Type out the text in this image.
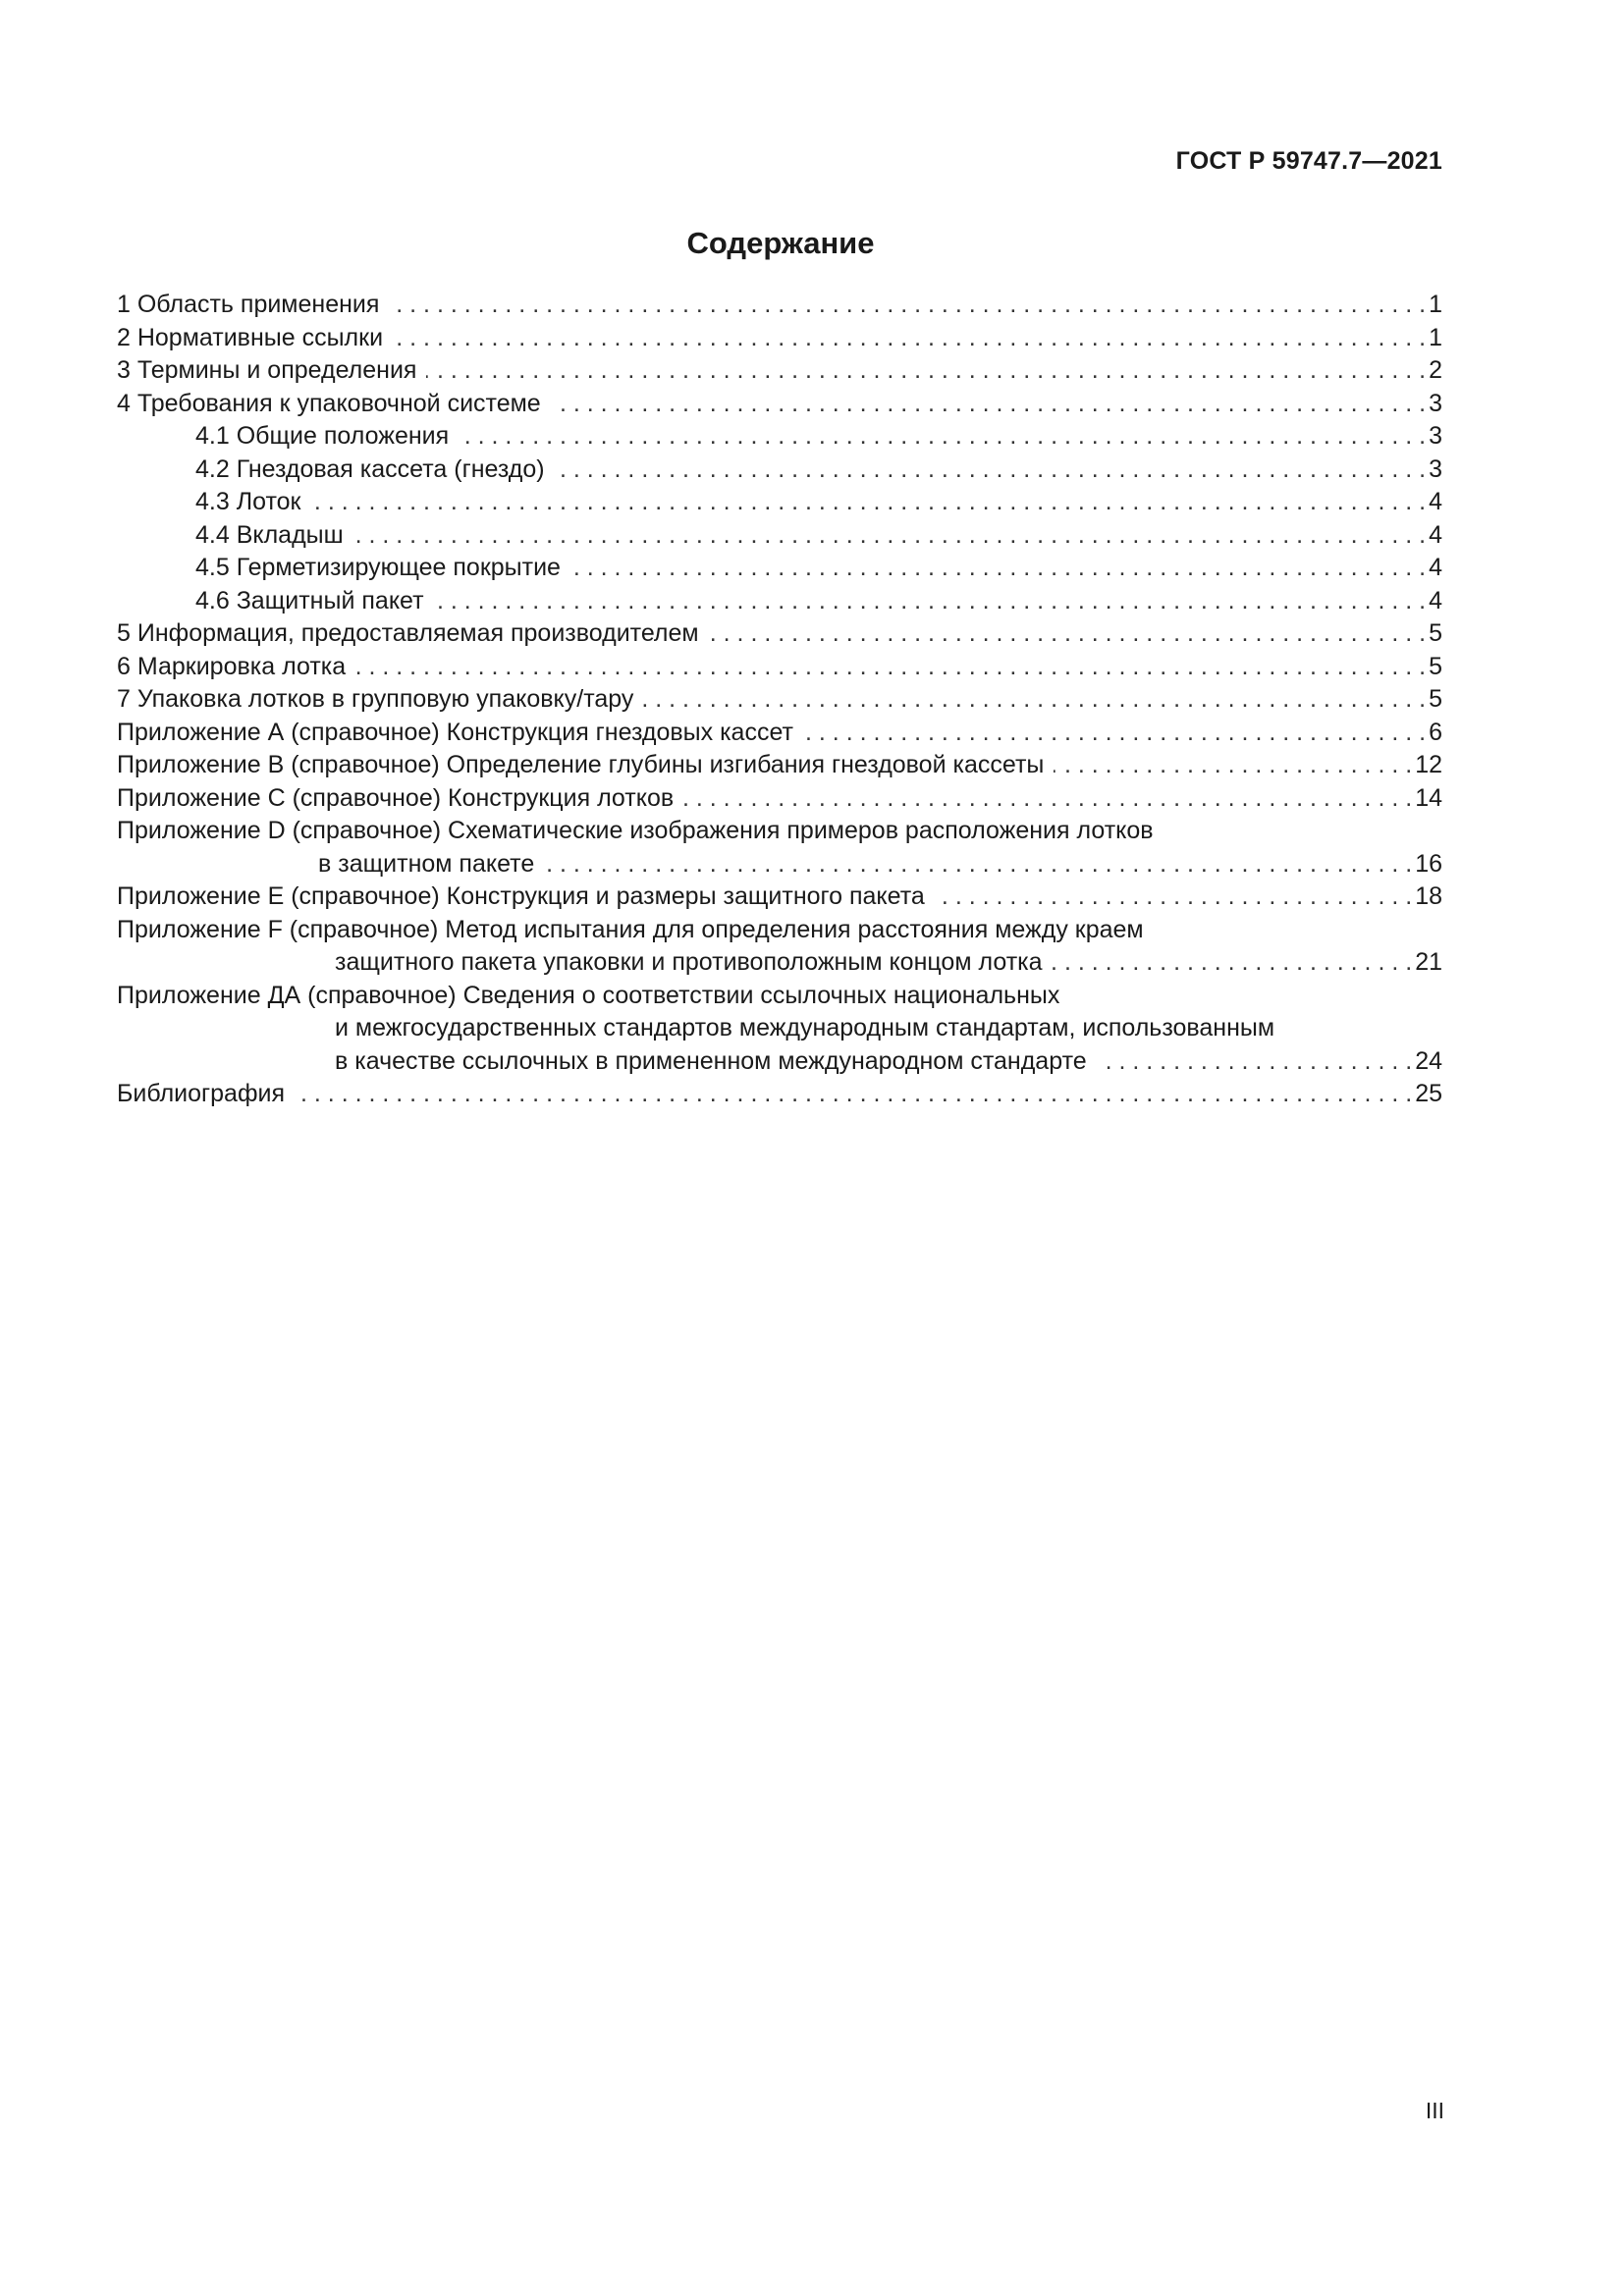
ГОСТ Р 59747.7—2021
Содержание
1 Область применения . . .	1
2 Нормативные ссылки . . .	1
3 Термины и определения . . .	2
4 Требования к упаковочной системе . . .	3
4.1 Общие положения . . .	3
4.2 Гнездовая кассета (гнездо) . . .	3
4.3 Лоток . . .	4
4.4 Вкладыш . . .	4
4.5 Герметизирующее покрытие . . .	4
4.6 Защитный пакет . . .	4
5 Информация, предоставляемая производителем . . .	5
6 Маркировка лотка . . .	5
7 Упаковка лотков в групповую упаковку/тару . . .	5
Приложение А (справочное) Конструкция гнездовых кассет . . .	6
Приложение В (справочное) Определение глубины изгибания гнездовой кассеты . . .	12
Приложение С (справочное) Конструкция лотков . . .	14
Приложение D (справочное) Схематические изображения примеров расположения лотков
в защитном пакете . . .	16
Приложение Е (справочное) Конструкция и размеры защитного пакета . . .	18
Приложение F (справочное) Метод испытания для определения расстояния между краем
защитного пакета упаковки и противоположным концом лотка . . .	21
Приложение ДА (справочное) Сведения о соответствии ссылочных национальных
и межгосударственных стандартов международным стандартам, использованным
в качестве ссылочных в примененном международном стандарте . . .	24
Библиография . . .	25
III
